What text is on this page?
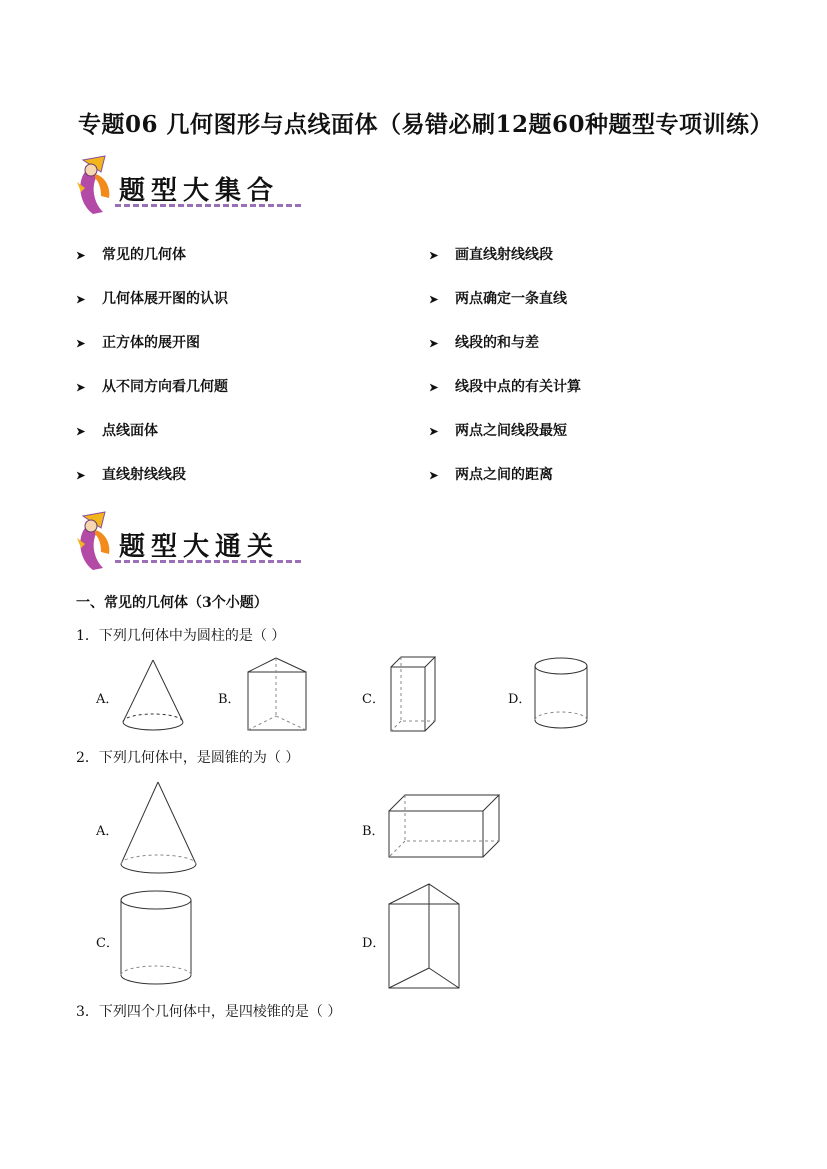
专题06 几何图形与点线面体（易错必刷12题60种题型专项训练）
题型大集合
➤ 常见的几何体
➤ 几何体展开图的认识
➤ 正方体的展开图
➤ 从不同方向看几何题
➤ 点线面体
➤ 直线射线线段
➤ 画直线射线线段
➤ 两点确定一条直线
➤ 线段的和与差
➤ 线段中点的有关计算
➤ 两点之间线段最短
➤ 两点之间的距离
题型大通关
一、常见的几何体（3个小题）
1．下列几何体中为圆柱的是（ ）
A．	B．	C．	D．
2．下列几何体中，是圆锥的为（ ）
A．	B．
C．	D．
3．下列四个几何体中，是四棱锥的是（ ）
